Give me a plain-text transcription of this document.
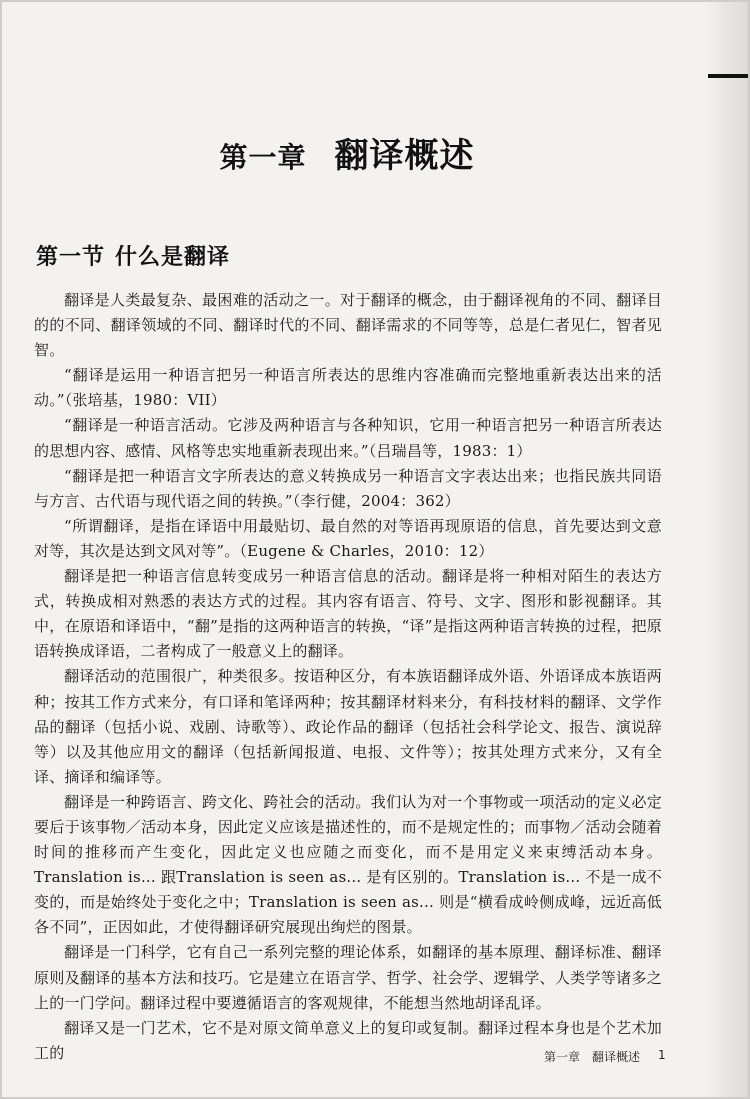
第一章 翻译概述
第一节 什么是翻译

翻译是人类最复杂、最困难的活动之一。对于翻译的概念，由于翻译视角的不同、翻译目的的不同、翻译领域的不同、翻译时代的不同、翻译需求的不同等等，总是仁者见仁，智者见智。

“翻译是运用一种语言把另一种语言所表达的思维内容准确而完整地重新表达出来的活动。”（张培基，1980：VII）

“翻译是一种语言活动。它涉及两种语言与各种知识，它用一种语言把另一种语言所表达的思想内容、感情、风格等忠实地重新表现出来。”（吕瑞昌等，1983：1）

“翻译是把一种语言文字所表达的意义转换成另一种语言文字表达出来；也指民族共同语与方言、古代语与现代语之间的转换。”（李行健，2004：362）

“所谓翻译，是指在译语中用最贴切、最自然的对等语再现原语的信息，首先要达到文意对等，其次是达到文风对等”。（Eugene & Charles，2010：12）

翻译是把一种语言信息转变成另一种语言信息的活动。翻译是将一种相对陌生的表达方式，转换成相对熟悉的表达方式的过程。其内容有语言、符号、文字、图形和影视翻译。其中，在原语和译语中，“翻”是指的这两种语言的转换，“译”是指这两种语言转换的过程，把原语转换成译语，二者构成了一般意义上的翻译。

翻译活动的范围很广，种类很多。按语种区分，有本族语翻译成外语、外语译成本族语两种；按其工作方式来分，有口译和笔译两种；按其翻译材料来分，有科技材料的翻译、文学作品的翻译（包括小说、戏剧、诗歌等）、政论作品的翻译（包括社会科学论文、报告、演说辞等）以及其他应用文的翻译（包括新闻报道、电报、文件等）；按其处理方式来分，又有全译、摘译和编译等。

翻译是一种跨语言、跨文化、跨社会的活动。我们认为对一个事物或一项活动的定义必定要后于该事物／活动本身，因此定义应该是描述性的，而不是规定性的；而事物／活动会随着时间的推移而产生变化，因此定义也应随之而变化，而不是用定义来束缚活动本身。Translation is... 跟Translation is seen as... 是有区别的。Translation is... 不是一成不变的，而是始终处于变化之中；Translation is seen as... 则是“横看成岭侧成峰，远近高低各不同”，正因如此，才使得翻译研究展现出绚烂的图景。

翻译是一门科学，它有自己一系列完整的理论体系，如翻译的基本原理、翻译标准、翻译原则及翻译的基本方法和技巧。它是建立在语言学、哲学、社会学、逻辑学、人类学等诸多之上的一门学问。翻译过程中要遵循语言的客观规律，不能想当然地胡译乱译。

翻译又是一门艺术，它不是对原文简单意义上的复印或复制。翻译过程本身也是个艺术加工的	第一章　翻译概述 1
